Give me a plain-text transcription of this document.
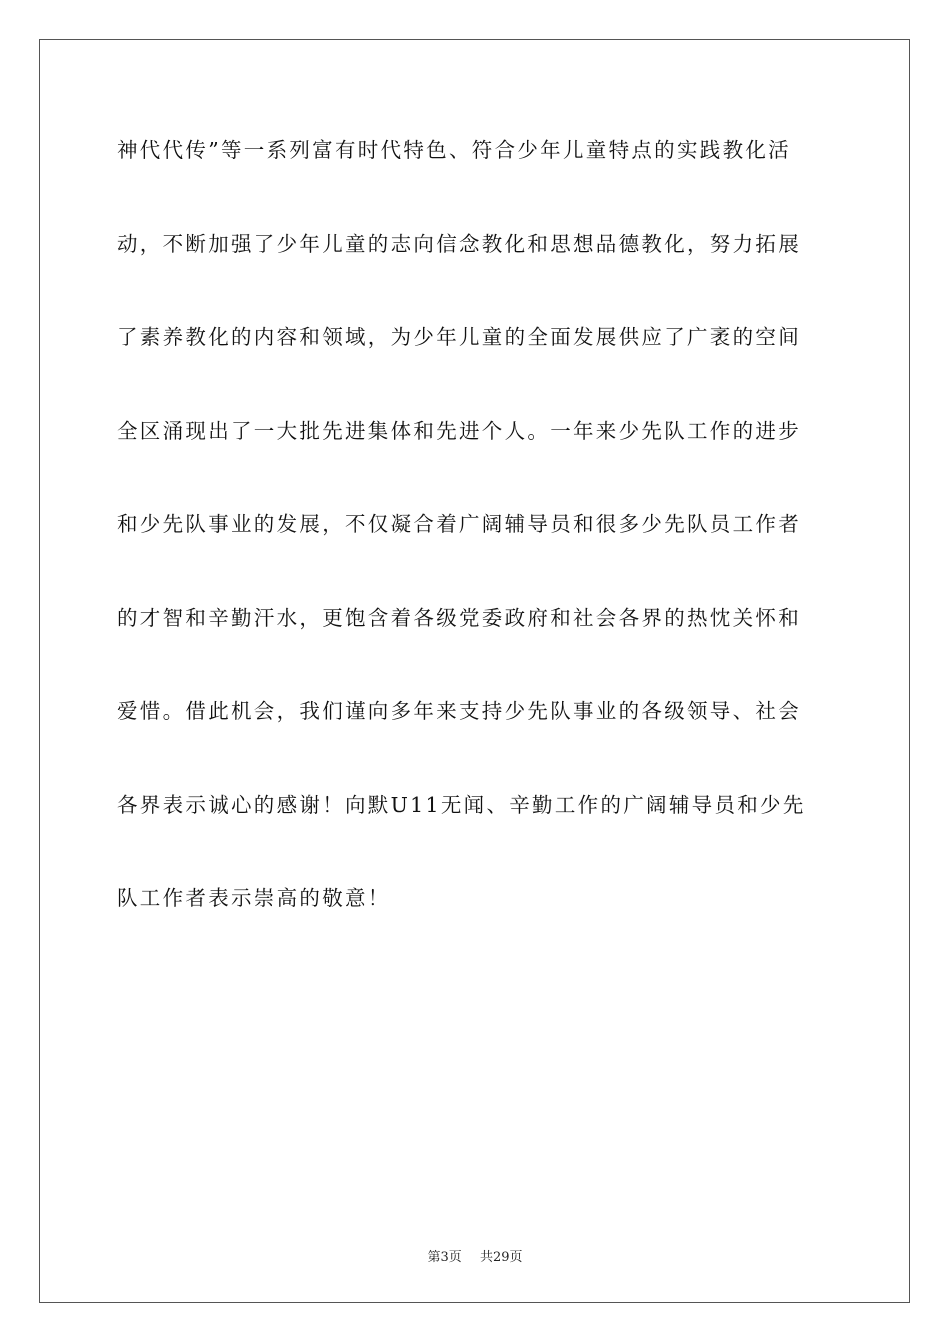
神代代传”等一系列富有时代特色、符合少年儿童特点的实践教化活
动，不断加强了少年儿童的志向信念教化和思想品德教化，努力拓展
了素养教化的内容和领域，为少年儿童的全面发展供应了广袤的空间
全区涌现出了一大批先进集体和先进个人。一年来少先队工作的进步
和少先队事业的发展，不仅凝合着广阔辅导员和很多少先队员工作者
的才智和辛勤汗水，更饱含着各级党委政府和社会各界的热忱关怀和
爱惜。借此机会，我们谨向多年来支持少先队事业的各级领导、社会
各界表示诚心的感谢！向默U11无闻、辛勤工作的广阔辅导员和少先
队工作者表示崇高的敬意！
第3页 共29页
